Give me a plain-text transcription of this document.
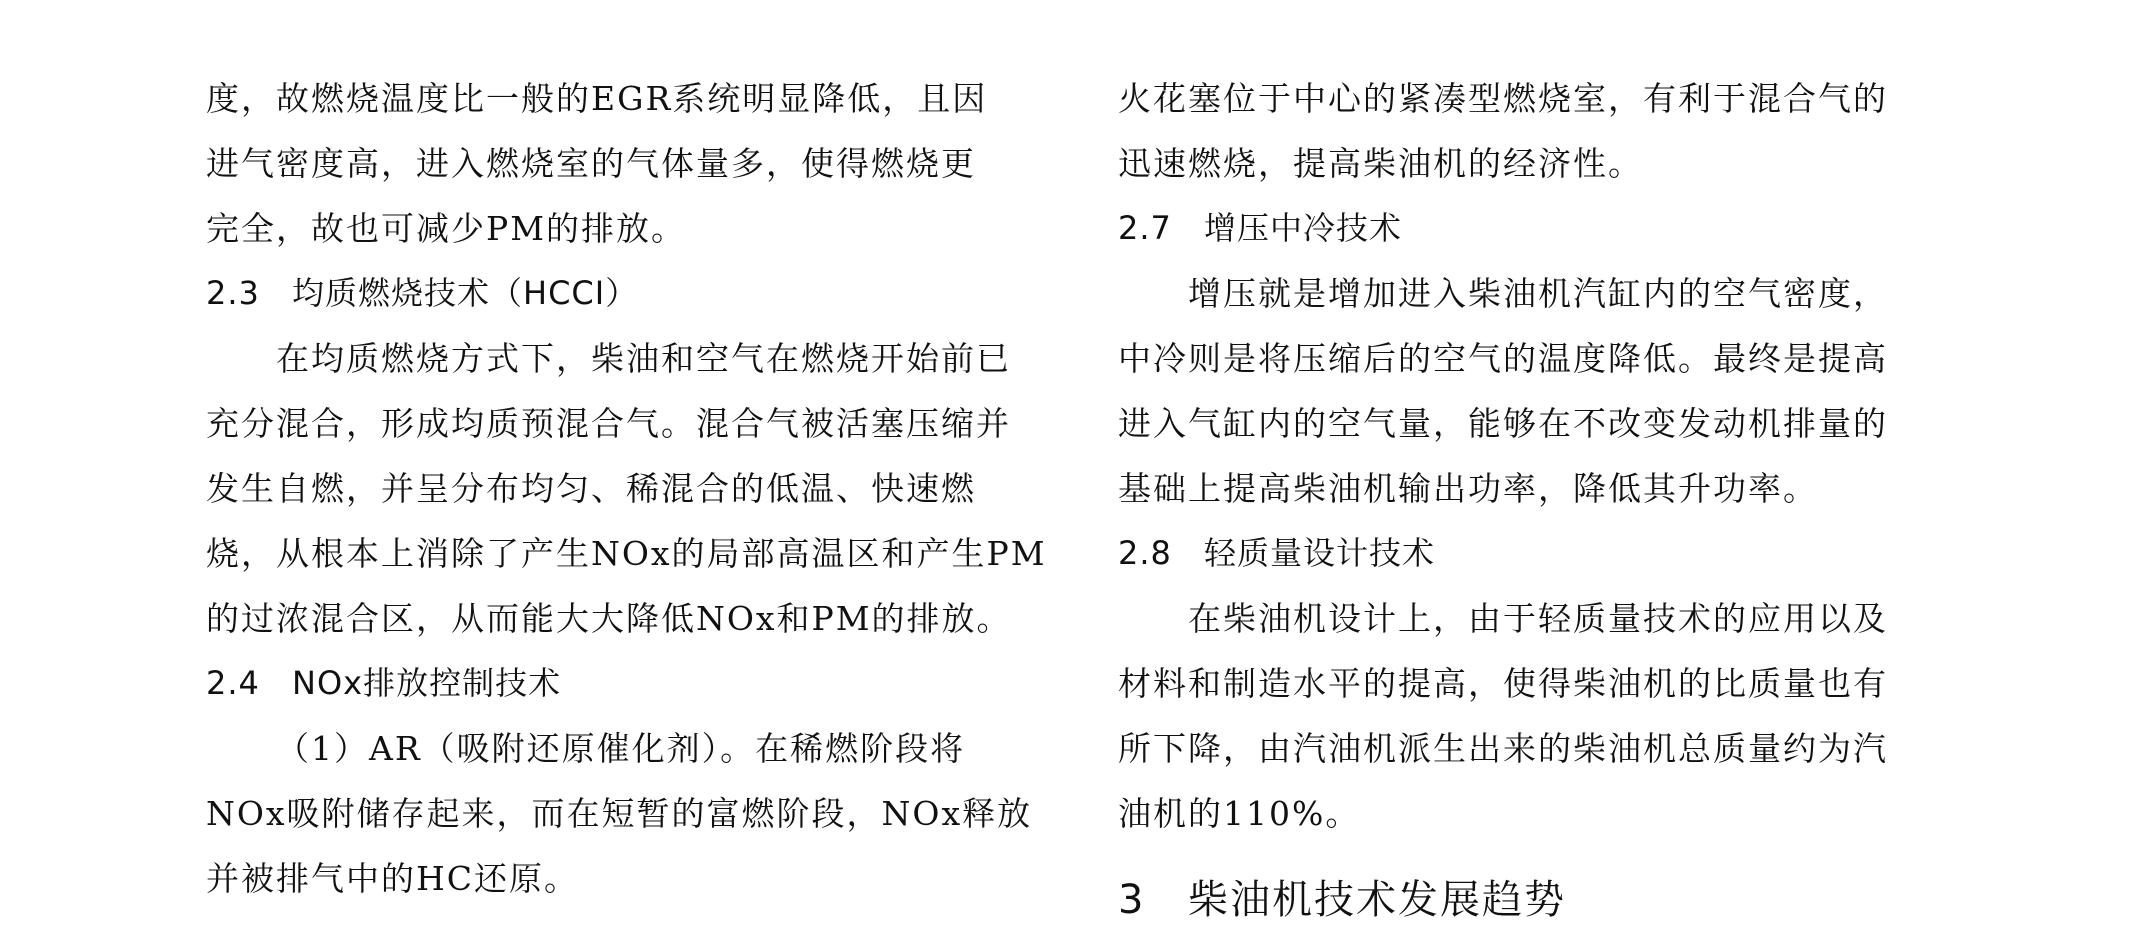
度，故燃烧温度比一般的EGR系统明显降低，且因
进气密度高，进入燃烧室的气体量多，使得燃烧更
完全，故也可减少PM的排放。
2.3 均质燃烧技术（HCCI）
在均质燃烧方式下，柴油和空气在燃烧开始前已
充分混合，形成均质预混合气。混合气被活塞压缩并
发生自燃，并呈分布均匀、稀混合的低温、快速燃
烧，从根本上消除了产生NOx的局部高温区和产生PM
的过浓混合区，从而能大大降低NOx和PM的排放。
2.4 NOx排放控制技术
（1）AR（吸附还原催化剂）。在稀燃阶段将
NOx吸附储存起来，而在短暂的富燃阶段，NOx释放
并被排气中的HC还原。
火花塞位于中心的紧凑型燃烧室，有利于混合气的
迅速燃烧，提高柴油机的经济性。
2.7 增压中冷技术
增压就是增加进入柴油机汽缸内的空气密度，
中冷则是将压缩后的空气的温度降低。最终是提高
进入气缸内的空气量，能够在不改变发动机排量的
基础上提高柴油机输出功率，降低其升功率。
2.8 轻质量设计技术
在柴油机设计上，由于轻质量技术的应用以及
材料和制造水平的提高，使得柴油机的比质量也有
所下降，由汽油机派生出来的柴油机总质量约为汽
油机的110%。
3 柴油机技术发展趋势
